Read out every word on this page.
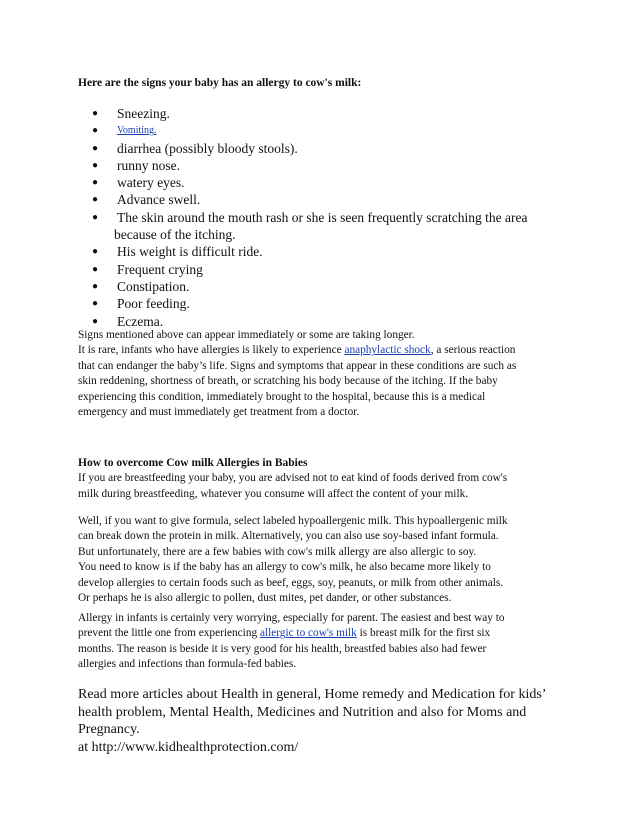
Here are the signs your baby has an allergy to cow's milk:
● Sneezing.
● Vomiting.
● diarrhea (possibly bloody stools).
● runny nose.
● watery eyes.
● Advance swell.
● The skin around the mouth rash or she is seen frequently scratching the area
because of the itching.
● His weight is difficult ride.
● Frequent crying
● Constipation.
● Poor feeding.
● Eczema.
Signs mentioned above can appear immediately or some are taking longer.
It is rare, infants who have allergies is likely to experience anaphylactic shock, a serious reaction
that can endanger the baby’s life. Signs and symptoms that appear in these conditions are such as
skin reddening, shortness of breath, or scratching his body because of the itching. If the baby
experiencing this condition, immediately brought to the hospital, because this is a medical
emergency and must immediately get treatment from a doctor.
How to overcome Cow milk Allergies in Babies
If you are breastfeeding your baby, you are advised not to eat kind of foods derived from cow's
milk during breastfeeding, whatever you consume will affect the content of your milk.
Well, if you want to give formula, select labeled hypoallergenic milk. This hypoallergenic milk
can break down the protein in milk. Alternatively, you can also use soy-based infant formula.
But unfortunately, there are a few babies with cow's milk allergy are also allergic to soy.
You need to know is if the baby has an allergy to cow's milk, he also became more likely to
develop allergies to certain foods such as beef, eggs, soy, peanuts, or milk from other animals.
Or perhaps he is also allergic to pollen, dust mites, pet dander, or other substances.
Allergy in infants is certainly very worrying, especially for parent. The easiest and best way to
prevent the little one from experiencing allergic to cow's milk is breast milk for the first six
months. The reason is beside it is very good for his health, breastfed babies also had fewer
allergies and infections than formula-fed babies.
Read more articles about Health in general, Home remedy and Medication for kids’
health problem, Mental Health, Medicines and Nutrition and also for Moms and
Pregnancy.
at http://www.kidhealthprotection.com/
